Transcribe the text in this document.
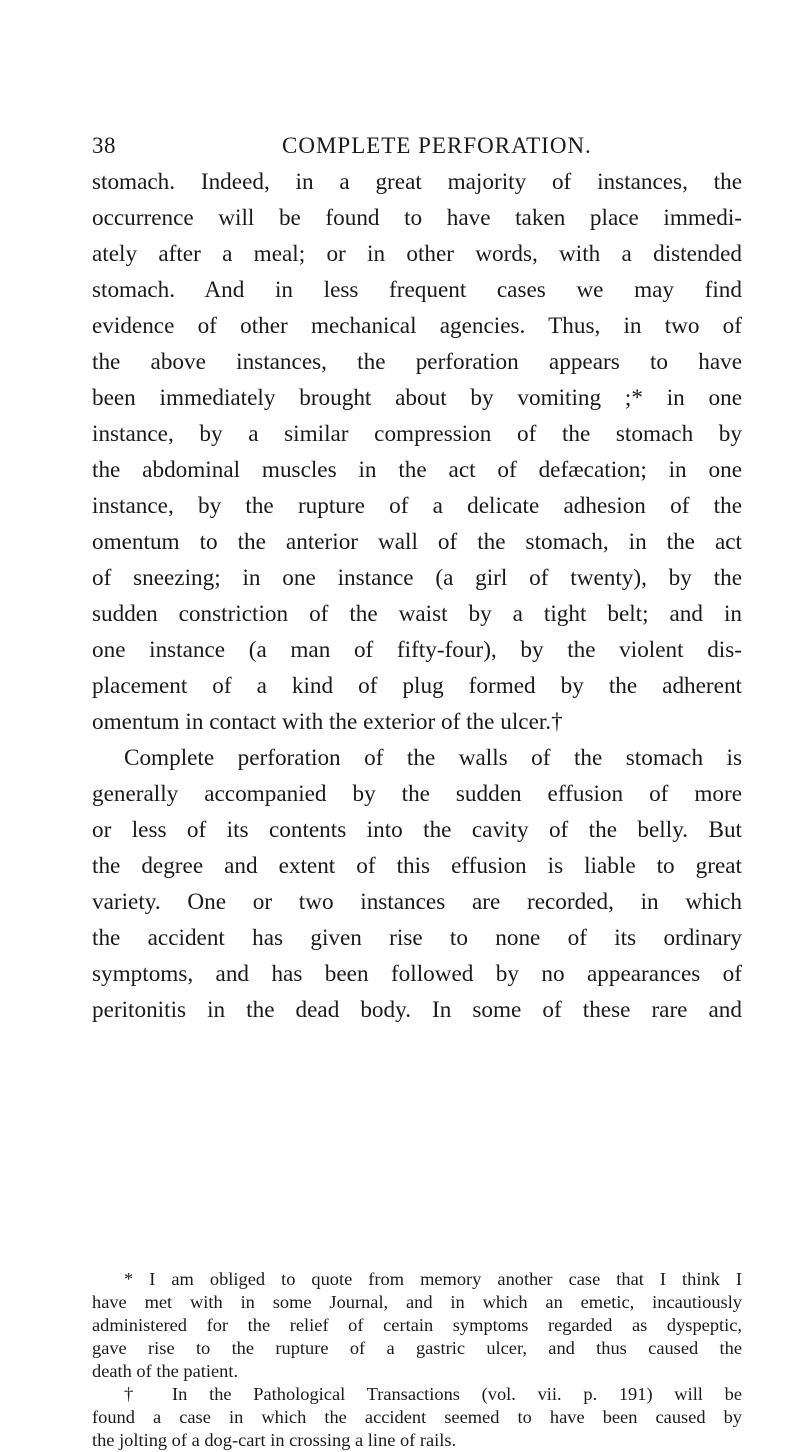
38	COMPLETE PERFORATION.
stomach. Indeed, in a great majority of instances, the
occurrence will be found to have taken place immedi-
ately after a meal; or in other words, with a distended
stomach. And in less frequent cases we may find
evidence of other mechanical agencies. Thus, in two of
the above instances, the perforation appears to have
been immediately brought about by vomiting ;* in one
instance, by a similar compression of the stomach by
the abdominal muscles in the act of defæcation; in one
instance, by the rupture of a delicate adhesion of the
omentum to the anterior wall of the stomach, in the act
of sneezing; in one instance (a girl of twenty), by the
sudden constriction of the waist by a tight belt; and in
one instance (a man of fifty-four), by the violent dis-
placement of a kind of plug formed by the adherent
omentum in contact with the exterior of the ulcer.†
Complete perforation of the walls of the stomach is
generally accompanied by the sudden effusion of more
or less of its contents into the cavity of the belly. But
the degree and extent of this effusion is liable to great
variety. One or two instances are recorded, in which
the accident has given rise to none of its ordinary
symptoms, and has been followed by no appearances of
peritonitis in the dead body. In some of these rare and
* I am obliged to quote from memory another case that I think I
have met with in some Journal, and in which an emetic, incautiously
administered for the relief of certain symptoms regarded as dyspeptic,
gave rise to the rupture of a gastric ulcer, and thus caused the
death of the patient.
† In the Pathological Transactions (vol. vii. p. 191) will be
found a case in which the accident seemed to have been caused by
the jolting of a dog-cart in crossing a line of rails.
